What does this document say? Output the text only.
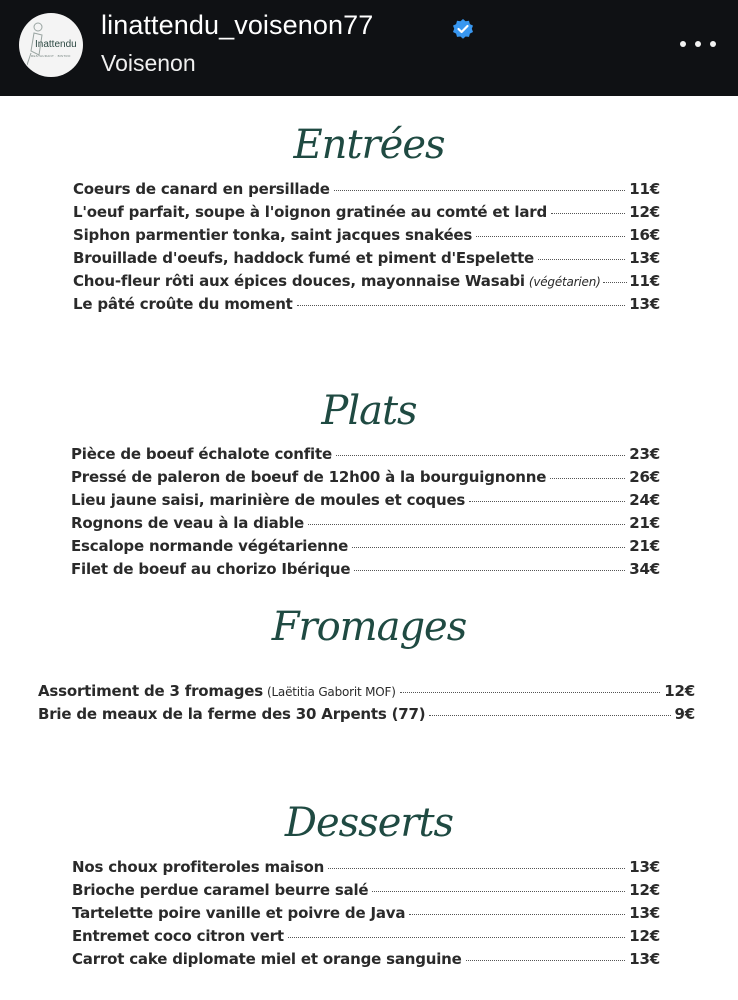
Inattendu
RESTAURANT · BISTRO
linattendu_voisenon77
Voisenon
Entrées
Coeurs de canard en persillade	11€
L'oeuf parfait, soupe à l'oignon gratinée au comté et lard	12€
Siphon parmentier tonka, saint jacques snakées	16€
Brouillade d'oeufs, haddock fumé et piment d'Espelette	13€
Chou-fleur rôti aux épices douces, mayonnaise Wasabi (végétarien) 11€
Le pâté croûte du moment	13€
Plats
Pièce de boeuf échalote confite	23€
Pressé de paleron de boeuf de 12h00 à la bourguignonne	26€
Lieu jaune saisi, marinière de moules et coques	24€
Rognons de veau à la diable	21€
Escalope normande végétarienne	21€
Filet de boeuf au chorizo Ibérique	34€
Fromages
Assortiment de 3 fromages (Laëtitia Gaborit MOF)	12€
Brie de meaux de la ferme des 30 Arpents (77)	9€
Desserts
Nos choux profiteroles maison	13€
Brioche perdue caramel beurre salé	12€
Tartelette poire vanille et poivre de Java	13€
Entremet coco citron vert	12€
Carrot cake diplomate miel et orange sanguine	13€
